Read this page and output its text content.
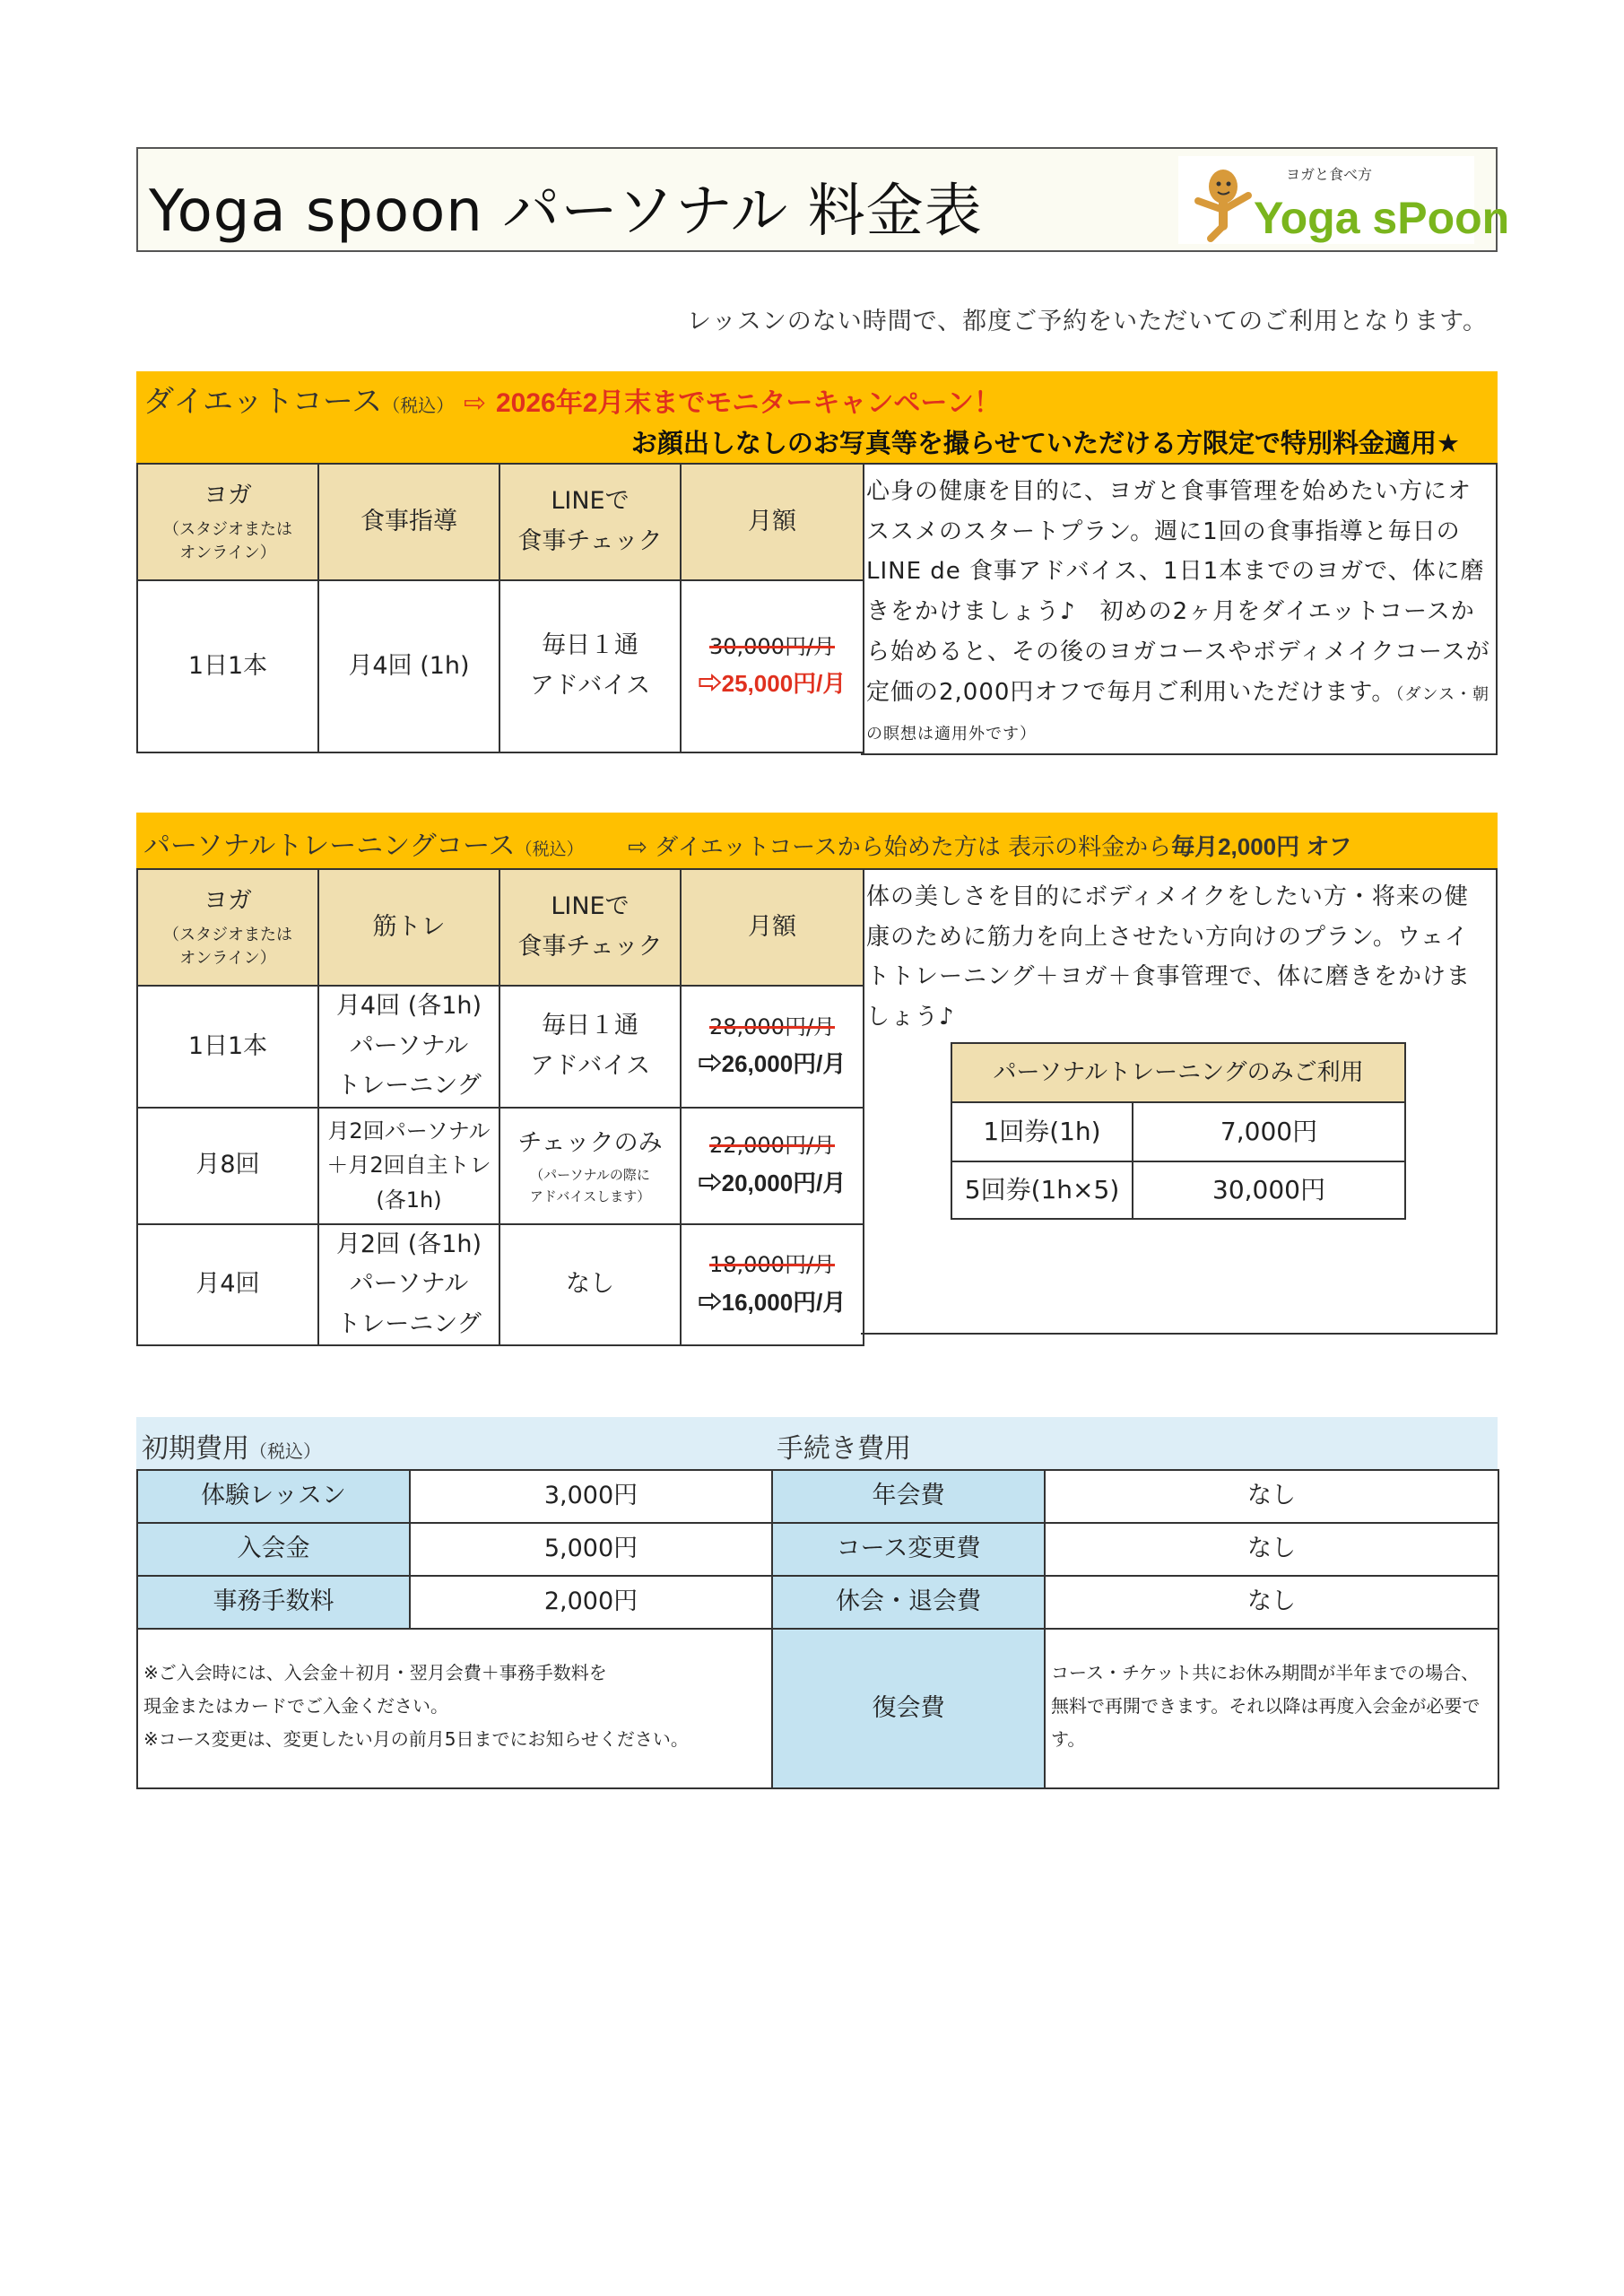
Yoga spoon パーソナル 料金表
ヨガと食べ方
Yoga sPoon
レッスンのない時間で、都度ご予約をいただいてのご利用となります。
ダイエットコース（税込） ⇨ 2026年2月末までモニターキャンペーン！
お顔出しなしのお写真等を撮らせていただける方限定で特別料金適用★
ヨガ
（スタジオまたは
オンライン）	食事指導	LINEで
食事チェック	月額
1日1本	月4回 (1h)	毎日１通
アドバイス	30,000円/月
⇨25,000円/月
心身の健康を目的に、ヨガと食事管理を始めたい方にオススメのスタートプラン。週に1回の食事指導と毎日のLINE de 食事アドバイス、1日1本までのヨガで、体に磨きをかけましょう♪　初めの2ヶ月をダイエットコースから始めると、その後のヨガコースやボディメイクコースが定価の2,000円オフで毎月ご利用いただけます。（ダンス・朝の瞑想は適用外です）
パーソナルトレーニングコース（税込） ⇨ ダイエットコースから始めた方は 表示の料金から毎月2,000円 オフ
ヨガ
（スタジオまたは
オンライン）	筋トレ	LINEで
食事チェック	月額
1日1本	月4回 (各1h)
パーソナル
トレーニング	毎日１通
アドバイス	28,000円/月
⇨26,000円/月

月8回	月2回パーソナル
＋月2回自主トレ
(各1h)	チェックのみ
（パーソナルの際に
アドバイスします）	22,000円/月
⇨20,000円/月

月4回	月2回 (各1h)
パーソナル
トレーニング	なし	18,000円/月
⇨16,000円/月
体の美しさを目的にボディメイクをしたい方・将来の健康のために筋力を向上させたい方向けのプラン。ウェイトトレーニング＋ヨガ＋食事管理で、体に磨きをかけましょう♪
パーソナルトレーニングのみご利用	
1回券(1h)	7,000円
5回券(1h×5)	30,000円
初期費用（税込）	手続き費用
体験レッスン	3,000円	年会費	なし
入会金	5,000円	コース変更費	なし
事務手数料	2,000円	休会・退会費	なし

※ご入会時には、入会金＋初月・翌月会費＋事務手数料を
現金またはカードでご入金ください。
※コース変更は、変更したい月の前月5日までにお知らせください。		復会費	コース・チケット共にお休み期間が半年までの場合、無料で再開できます。それ以降は再度入会金が必要です。
